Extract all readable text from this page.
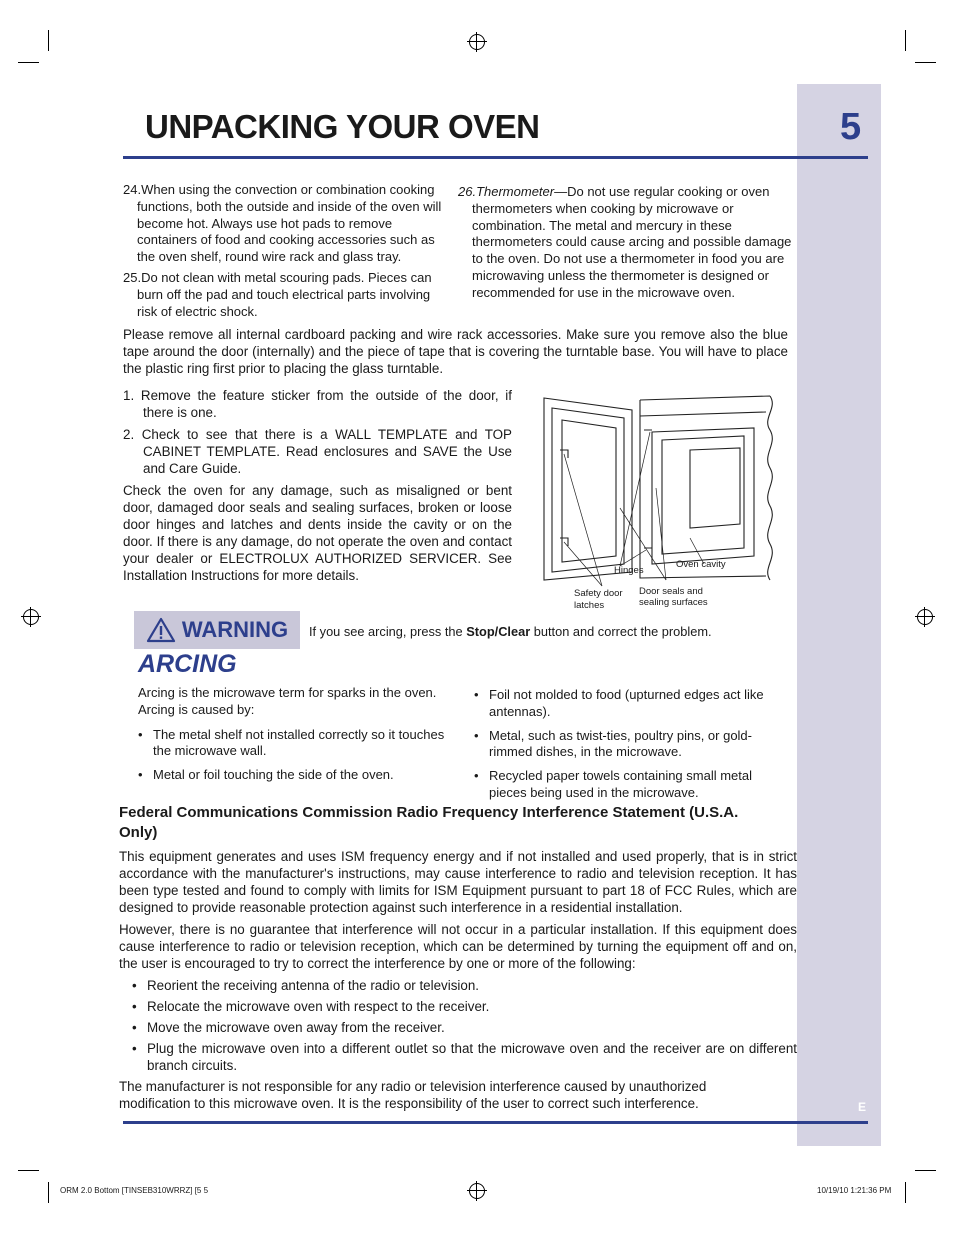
5
E
UNPACKING YOUR OVEN

24.When using the convection or combination cooking functions, both the outside and inside of the oven will become hot. Always use hot pads to remove containers of food and cooking accessories such as the oven shelf, round wire rack and glass tray.

25.Do not clean with metal scouring pads. Pieces can burn off the pad and touch electrical parts involving risk of electric shock.

26.Thermometer—Do not use regular cooking or oven thermometers when cooking by microwave or combination. The metal and mercury in these thermometers could cause arcing and possible damage to the oven. Do not use a thermometer in food you are microwaving unless the thermometer is designed or recommended for use in the microwave oven.

Please remove all internal cardboard packing and wire rack accessories. Make sure you remove also the blue tape around the door (internally) and the piece of tape that is covering the turntable base. You will have to place the plastic ring first prior to placing the glass turntable.

1. Remove the feature sticker from the outside of the door, if there is one.

2. Check to see that there is a WALL TEMPLATE and TOP CABINET TEMPLATE. Read enclosures and SAVE the Use and Care Guide.

Check the oven for any damage, such as misaligned or bent door, damaged door seals and sealing surfaces, broken or loose door hinges and latches and dents inside the cavity or on the door. If there is any damage, do not operate the oven and contact your dealer or ELECTROLUX AUTHORIZED SERVICER. See Installation Instructions for more details.	Hinges
Oven cavity
Safety door
latches
Door seals and
sealing surfaces
WARNING If you see arcing, press the Stop/Clear button and correct the problem.
ARCING

Arcing is the microwave term for sparks in the oven. Arcing is caused by:

• The metal shelf not installed correctly so it touches the microwave wall.
• Metal or foil touching the side of the oven.
• Foil not molded to food (upturned edges act like antennas).
• Metal, such as twist-ties, poultry pins, or gold-rimmed dishes, in the microwave.
• Recycled paper towels containing small metal pieces being used in the microwave.
Federal Communications Commission Radio Frequency Interference Statement (U.S.A. Only)

This equipment generates and uses ISM frequency energy and if not installed and used properly, that is in strict accordance with the manufacturer's instructions, may cause interference to radio and television reception. It has been type tested and found to comply with limits for ISM Equipment pursuant to part 18 of FCC Rules, which are designed to provide reasonable protection against such interference in a residential installation.

However, there is no guarantee that interference will not occur in a particular installation. If this equipment does cause interference to radio or television reception, which can be determined by turning the equipment off and on, the user is encouraged to try to correct the interference by one or more of the following:

• Reorient the receiving antenna of the radio or television.
• Relocate the microwave oven with respect to the receiver.
• Move the microwave oven away from the receiver.
• Plug the microwave oven into a different outlet so that the microwave oven and the receiver are on different branch circuits.

The manufacturer is not responsible for any radio or television interference caused by unauthorized modification to this microwave oven. It is the responsibility of the user to correct such interference.

ORM 2.0 Bottom [TINSEB310WRRZ] [5 5	10/19/10 1:21:36 PM
